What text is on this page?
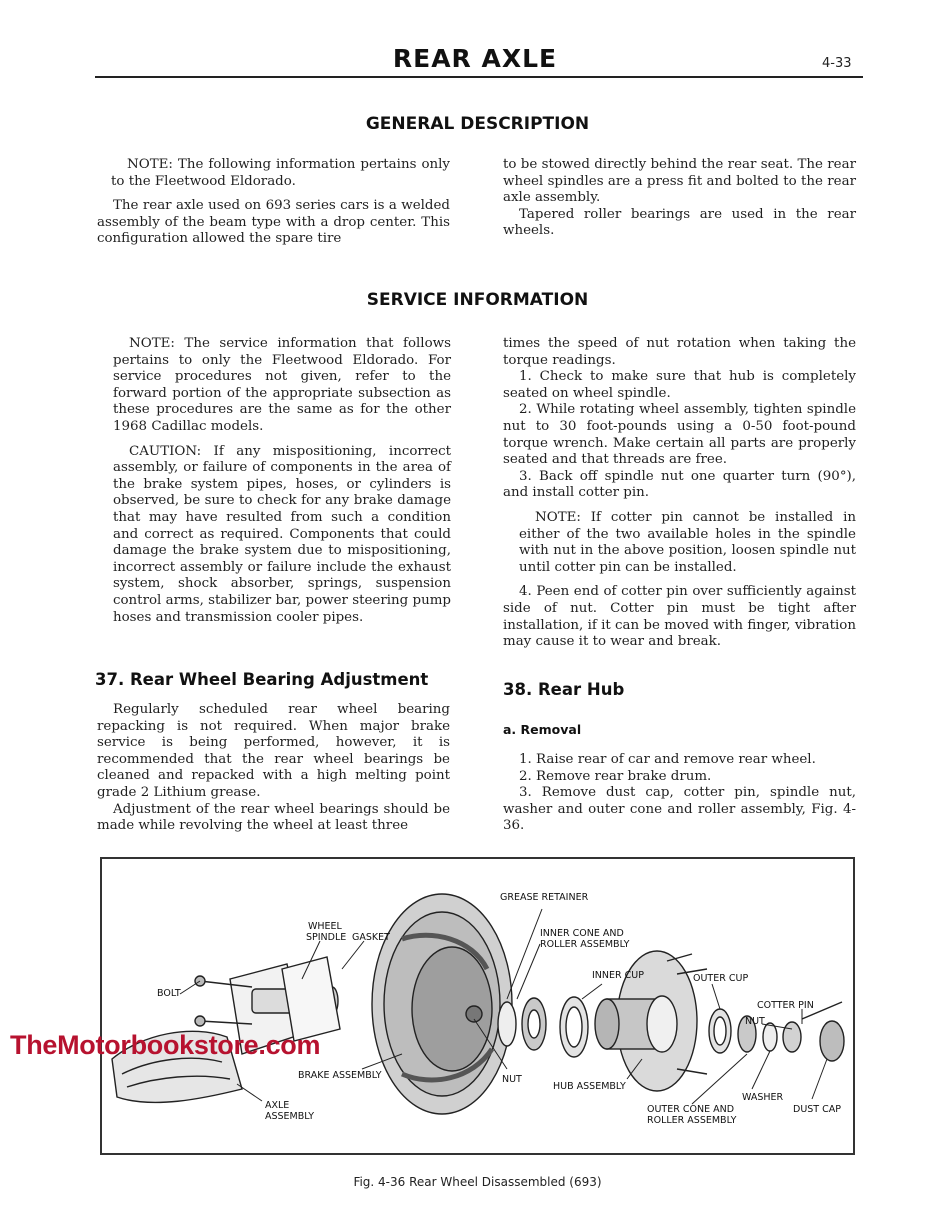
REAR AXLE	4-33
GENERAL DESCRIPTION

NOTE: The following information pertains only to the Fleetwood Eldorado.

The rear axle used on 693 series cars is a welded assembly of the beam type with a drop center. This configuration allowed the spare tire

to be stowed directly behind the rear seat. The rear wheel spindles are a press fit and bolted to the rear axle assembly.

Tapered roller bearings are used in the rear wheels.

SERVICE INFORMATION

NOTE: The service information that follows pertains to only the Fleetwood Eldorado. For service procedures not given, refer to the forward portion of the appropriate subsection as these procedures are the same as for the other 1968 Cadillac models.

CAUTION: If any mispositioning, incorrect assembly, or failure of components in the area of the brake system pipes, hoses, or cylinders is observed, be sure to check for any brake damage that may have resulted from such a condition and correct as required. Components that could damage the brake system due to mispositioning, incorrect assembly or failure include the exhaust system, shock absorber, springs, suspension control arms, stabilizer bar, power steering pump hoses and transmission cooler pipes.

times the speed of nut rotation when taking the torque readings.

1. Check to make sure that hub is completely seated on wheel spindle.

2. While rotating wheel assembly, tighten spindle nut to 30 foot-pounds using a 0-50 foot-pound torque wrench. Make certain all parts are properly seated and that threads are free.

3. Back off spindle nut one quarter turn (90°), and install cotter pin.

NOTE: If cotter pin cannot be installed in either of the two available holes in the spindle with nut in the above position, loosen spindle nut until cotter pin can be installed.

4. Peen end of cotter pin over sufficiently against side of nut. Cotter pin must be tight after installation, if it can be moved with finger, vibration may cause it to wear and break.

37. Rear Wheel Bearing Adjustment

Regularly scheduled rear wheel bearing repacking is not required. When major brake service is being performed, however, it is recommended that the rear wheel bearings be cleaned and repacked with a high melting point grade 2 Lithium grease.

Adjustment of the rear wheel bearings should be made while revolving the wheel at least three

38. Rear Hub
a. Removal

1. Raise rear of car and remove rear wheel.

2. Remove rear brake drum.

3. Remove dust cap, cotter pin, spindle nut, washer and outer cone and roller assembly, Fig. 4-36.

GREASE RETAINER
WHEEL
SPINDLE GASKET	INNER CONE AND
ROLLER ASSEMBLY
INNER CUP	OUTER CUP
BOLT
COTTER PIN
NUT
BRAKE ASSEMBLY	NUT
HUB ASSEMBLY
WASHER
AXLE
ASSEMBLY
OUTER CONE AND
ROLLER ASSEMBLY
DUST CAP
Fig. 4-36 Rear Wheel Disassembled (693)
TheMotorbookstore.com
